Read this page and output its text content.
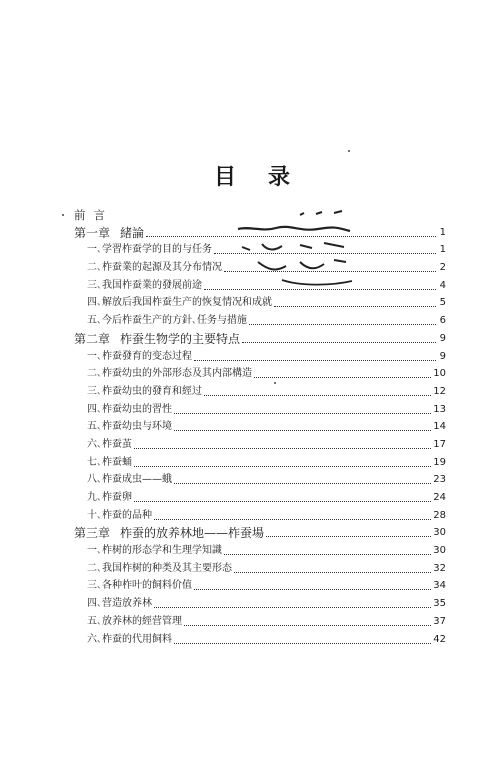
目 录
前言
第一章 緒論	1
一､学習柞蚕学的目的与任务	1
二､柞蚕業的起源及其分布情况	2
三､我国柞蚕業的發展前途	4
四､解放后我国柞蚕生产的恢复情况和成就	5
五､今后柞蚕生产的方針､任务与措施	6
第二章 柞蚕生物学的主要特点	9
一､柞蚕發育的变态过程	9
二､柞蚕幼虫的外部形态及其内部構造	10
三､柞蚕幼虫的發育和經过	12
四､柞蚕幼虫的習性	13
五､柞蚕幼虫与环境	14
六､柞蚕茧	17
七､柞蚕蛹	19
八､柞蚕成虫——蛾	23
九､柞蚕卵	24
十､柞蚕的品种	28
第三章 柞蚕的放养林地——柞蚕場	30
一､柞树的形态学和生理学知識	30
二､我国柞树的种类及其主要形态	32
三､各种柞叶的飼料价值	34
四､营造放养林	35
五､放养林的經营管理	37
六､柞蚕的代用飼料	42
